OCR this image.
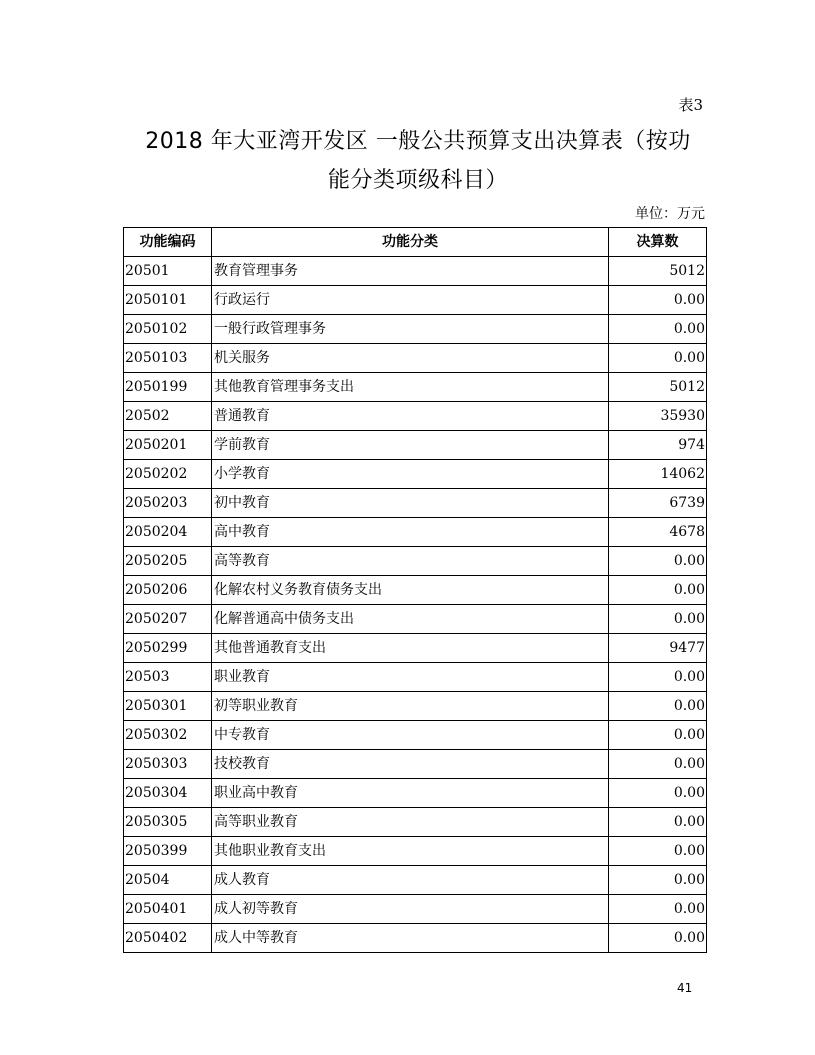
表3
2018 年大亚湾开发区 一般公共预算支出决算表（按功
能分类项级科目）
单位：万元
功能编码	功能分类	决算数
20501	教育管理事务	5012
2050101	行政运行	0.00
2050102	一般行政管理事务	0.00
2050103	机关服务	0.00
2050199	其他教育管理事务支出	5012
20502	普通教育	35930
2050201	学前教育	974
2050202	小学教育	14062
2050203	初中教育	6739
2050204	高中教育	4678
2050205	高等教育	0.00
2050206	化解农村义务教育债务支出	0.00
2050207	化解普通高中债务支出	0.00
2050299	其他普通教育支出	9477
20503	职业教育	0.00
2050301	初等职业教育	0.00
2050302	中专教育	0.00
2050303	技校教育	0.00
2050304	职业高中教育	0.00
2050305	高等职业教育	0.00
2050399	其他职业教育支出	0.00
20504	成人教育	0.00
2050401	成人初等教育	0.00
2050402	成人中等教育	0.00
41
